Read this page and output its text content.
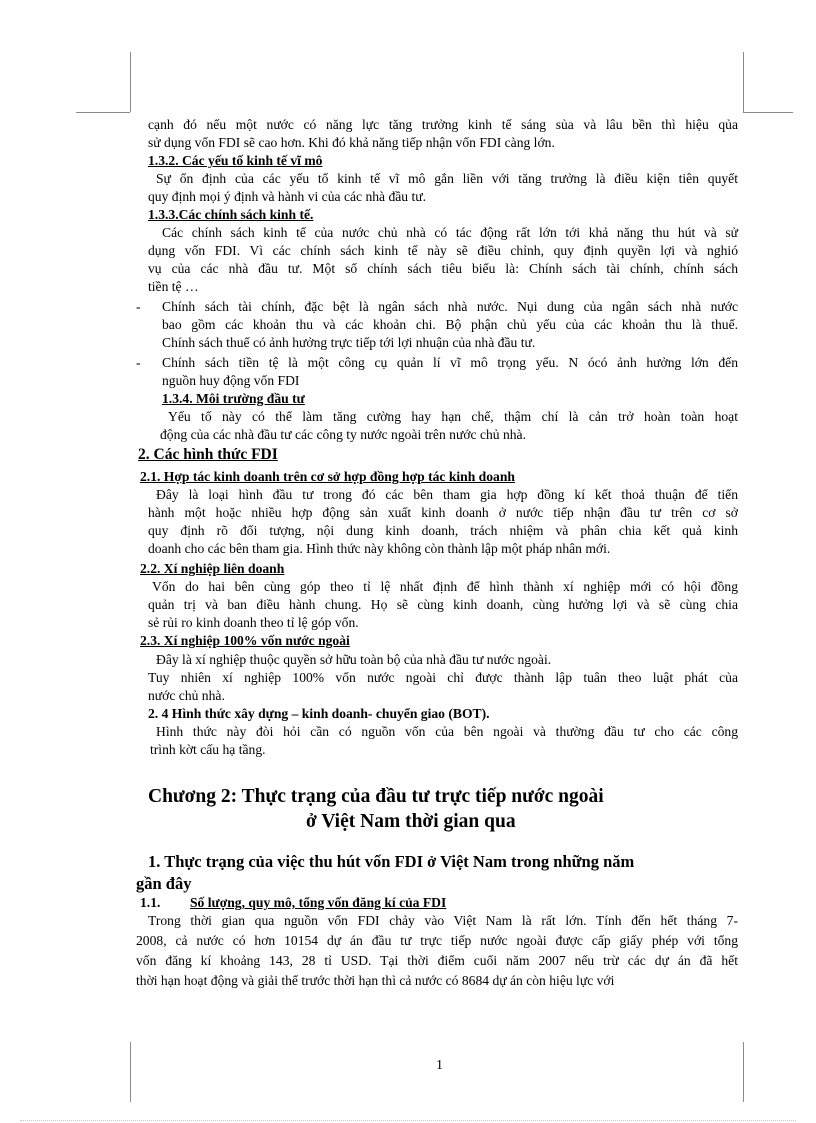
cạnh đó nếu một nước có năng lực tăng trưởng kinh tế sáng sủa và lâu bền thì hiệu qủa
sử dụng vốn FDI sẽ cao hơn. Khi đó khả năng tiếp nhận vốn FDI càng lớn.
1.3.2. Các yếu tố kinh tế vĩ mô
Sự ổn định của các yếu tố kinh tế vĩ mô gắn liền với tăng trưởng là điều kiện tiên quyết
quy định mọi ý định và hành vi của các nhà đầu tư.
1.3.3.Các chính sách kinh tế.
Các chính sách kinh tế của nước chủ nhà có tác động rất lớn tới khả năng thu hút và sử
dụng vốn FDI. Vì các chính sách kinh tế này sẽ điều chỉnh, quy định quyền lợi và nghió
vụ của các nhà đầu tư. Một số chính sách tiêu biểu là: Chính sách tài chính, chính sách
tiền tệ …
- Chính sách tài chính, đặc bệt là ngân sách nhà nước. Nụi dung của ngân sách nhà nước
bao gồm các khoản thu và các khoản chi. Bộ phận chủ yếu của các khoản thu là thuế.
Chính sách thuế có ảnh hưởng trực tiếp tới lợi nhuận của nhà đầu tư.
- Chính sách tiền tệ là một công cụ quản lí vĩ mô trọng yếu. N ócó ảnh hưởng lớn đến
nguồn huy động vốn FDI
1.3.4. Môi trường đầu tư
Yếu tố này có thể làm tăng cường hay hạn chế, thậm chí là cản trở hoàn toàn hoạt
động của các nhà đầu tư các công ty nước ngoài trên nước chủ nhà.
2. Các hình thức FDI
2.1. Hợp tác kinh doanh trên cơ sở hợp đồng hợp tác kinh doanh
Đây là loại hình đầu tư trong đó các bên tham gia hợp đồng kí kết thoả thuận để tiến
hành một hoặc nhiều hợp động sản xuất kinh doanh ở nước tiếp nhận đầu tư trên cơ sở
quy định rõ đối tượng, nội dung kinh doanh, trách nhiệm và phân chia kết quả kinh
doanh cho các bên tham gia. Hình thức này không còn thành lập một pháp nhân mới.
2.2. Xí nghiệp liên doanh
Vốn do hai bên cùng góp theo tỉ lệ nhất định để hình thành xí nghiệp mới có hội đồng
quản trị và ban điều hành chung. Họ sẽ cùng kinh doanh, cùng hưởng lợi và sẽ cùng chia
sẻ rủi ro kinh doanh theo tỉ lệ góp vốn.
2.3. Xí nghiệp 100% vốn nước ngoài
Đây là xí nghiệp thuộc quyền sở hữu toàn bộ của nhà đầu tư nước ngoài.
Tuy nhiên xí nghiệp 100% vốn nước ngoài chỉ được thành lập tuân theo luật phát của
nước chủ nhà.
2. 4 Hình thức xây dựng – kinh doanh- chuyển giao (BOT).
Hình thức này đòi hỏi cần có nguồn vốn của bên ngoài và thường đầu tư cho các công
trình kờt cấu hạ tầng.
Chương 2: Thực trạng của đầu tư trực tiếp nước ngoài
ở Việt Nam thời gian qua
1. Thực trạng của việc thu hút vốn FDI ở Việt Nam trong những năm
gần đây
1.1. Số lượng, quy mô, tổng vốn đăng kí của FDI
Trong thời gian qua nguồn vốn FDI chảy vào Việt Nam là rất lớn. Tính đến hết tháng 7-
2008, cả nước có hơn 10154 dự án đầu tư trực tiếp nước ngoài được cấp giấy phép với tổng
vốn đăng kí khoảng 143, 28 tỉ USD. Tại thời điểm cuối năm 2007 nếu trừ các dự án đã hết
thời hạn hoạt động và giải thể trước thời hạn thì cả nước có 8684 dự án còn hiệu lực với
1
